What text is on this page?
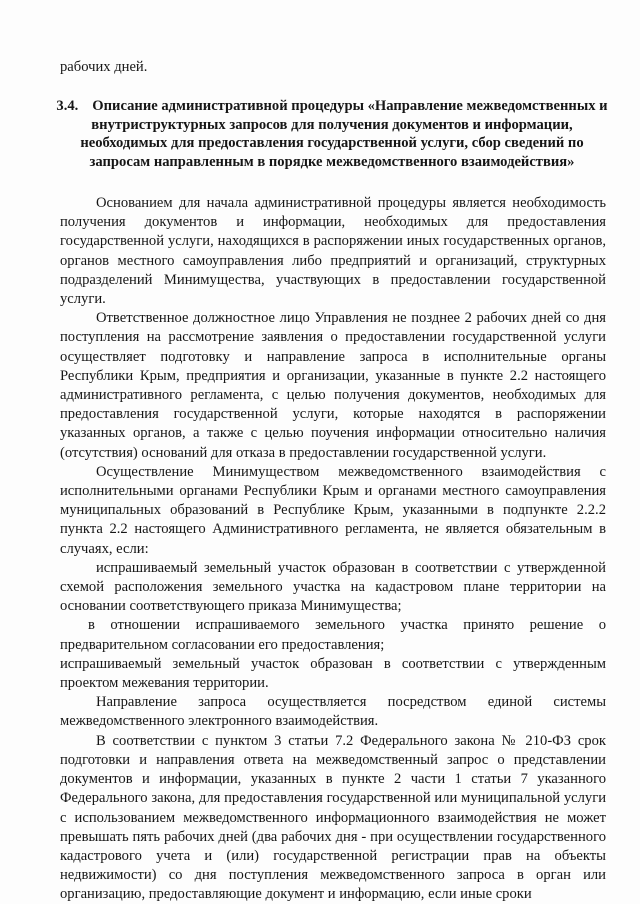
рабочих дней.

3.4. Описание административной процедуры «Направление межведомственных и внутриструктурных запросов для получения документов и информации, необходимых для предоставления государственной услуги, сбор сведений по запросам направленным в порядке межведомственного взаимодействия»

Основанием для начала административной процедуры является необходимость получения документов и информации, необходимых для предоставления государственной услуги, находящихся в распоряжении иных государственных органов, органов местного самоуправления либо предприятий и организаций, структурных подразделений Минимущества, участвующих в предоставлении государственной услуги.

Ответственное должностное лицо Управления не позднее 2 рабочих дней со дня поступления на рассмотрение заявления о предоставлении государственной услуги осуществляет подготовку и направление запроса в исполнительные органы Республики Крым, предприятия и организации, указанные в пункте 2.2 настоящего административного регламента, с целью получения документов, необходимых для предоставления государственной услуги, которые находятся в распоряжении указанных органов, а также с целью поучения информации относительно наличия (отсутствия) оснований для отказа в предоставлении государственной услуги.

Осуществление Минимуществом межведомственного взаимодействия с исполнительными органами Республики Крым и органами местного самоуправления муниципальных образований в Республике Крым, указанными в подпункте 2.2.2 пункта 2.2 настоящего Административного регламента, не является обязательным в случаях, если:

испрашиваемый земельный участок образован в соответствии с утвержденной схемой расположения земельного участка на кадастровом плане территории на основании соответствующего приказа Минимущества;

в отношении испрашиваемого земельного участка принято решение о предварительном согласовании его предоставления;

испрашиваемый земельный участок образован в соответствии с утвержденным проектом межевания территории.

Направление запроса осуществляется посредством единой системы межведомственного электронного взаимодействия.

В соответствии с пунктом 3 статьи 7.2 Федерального закона № 210-ФЗ срок подготовки и направления ответа на межведомственный запрос о представлении документов и информации, указанных в пункте 2 части 1 статьи 7 указанного Федерального закона, для предоставления государственной или муниципальной услуги с использованием межведомственного информационного взаимодействия не может превышать пять рабочих дней (два рабочих дня - при осуществлении государственного кадастрового учета и (или) государственной регистрации прав на объекты недвижимости) со дня поступления межведомственного запроса в орган или организацию, предоставляющие документ и информацию, если иные сроки
